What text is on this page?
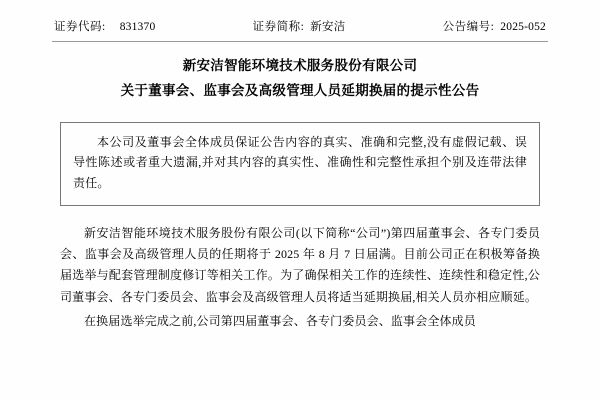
证券代码: 831370	证券简称: 新安洁	公告编号: 2025-052
新安洁智能环境技术服务股份有限公司
关于董事会、监事会及高级管理人员延期换届的提示性公告

本公司及董事会全体成员保证公告内容的真实、准确和完整,没有虚假记载、误导性陈述或者重大遗漏,并对其内容的真实性、准确性和完整性承担个别及连带法律责任。

新安洁智能环境技术服务股份有限公司(以下简称“公司”)第四届董事会、各专门委员会、监事会及高级管理人员的任期将于 2025 年 8 月 7 日届满。目前公司正在积极筹备换届选举与配套管理制度修订等相关工作。为了确保相关工作的连续性、连续性和稳定性,公司董事会、各专门委员会、监事会及高级管理人员将适当延期换届,相关人员亦相应顺延。

在换届选举完成之前,公司第四届董事会、各专门委员会、监事会全体成员
